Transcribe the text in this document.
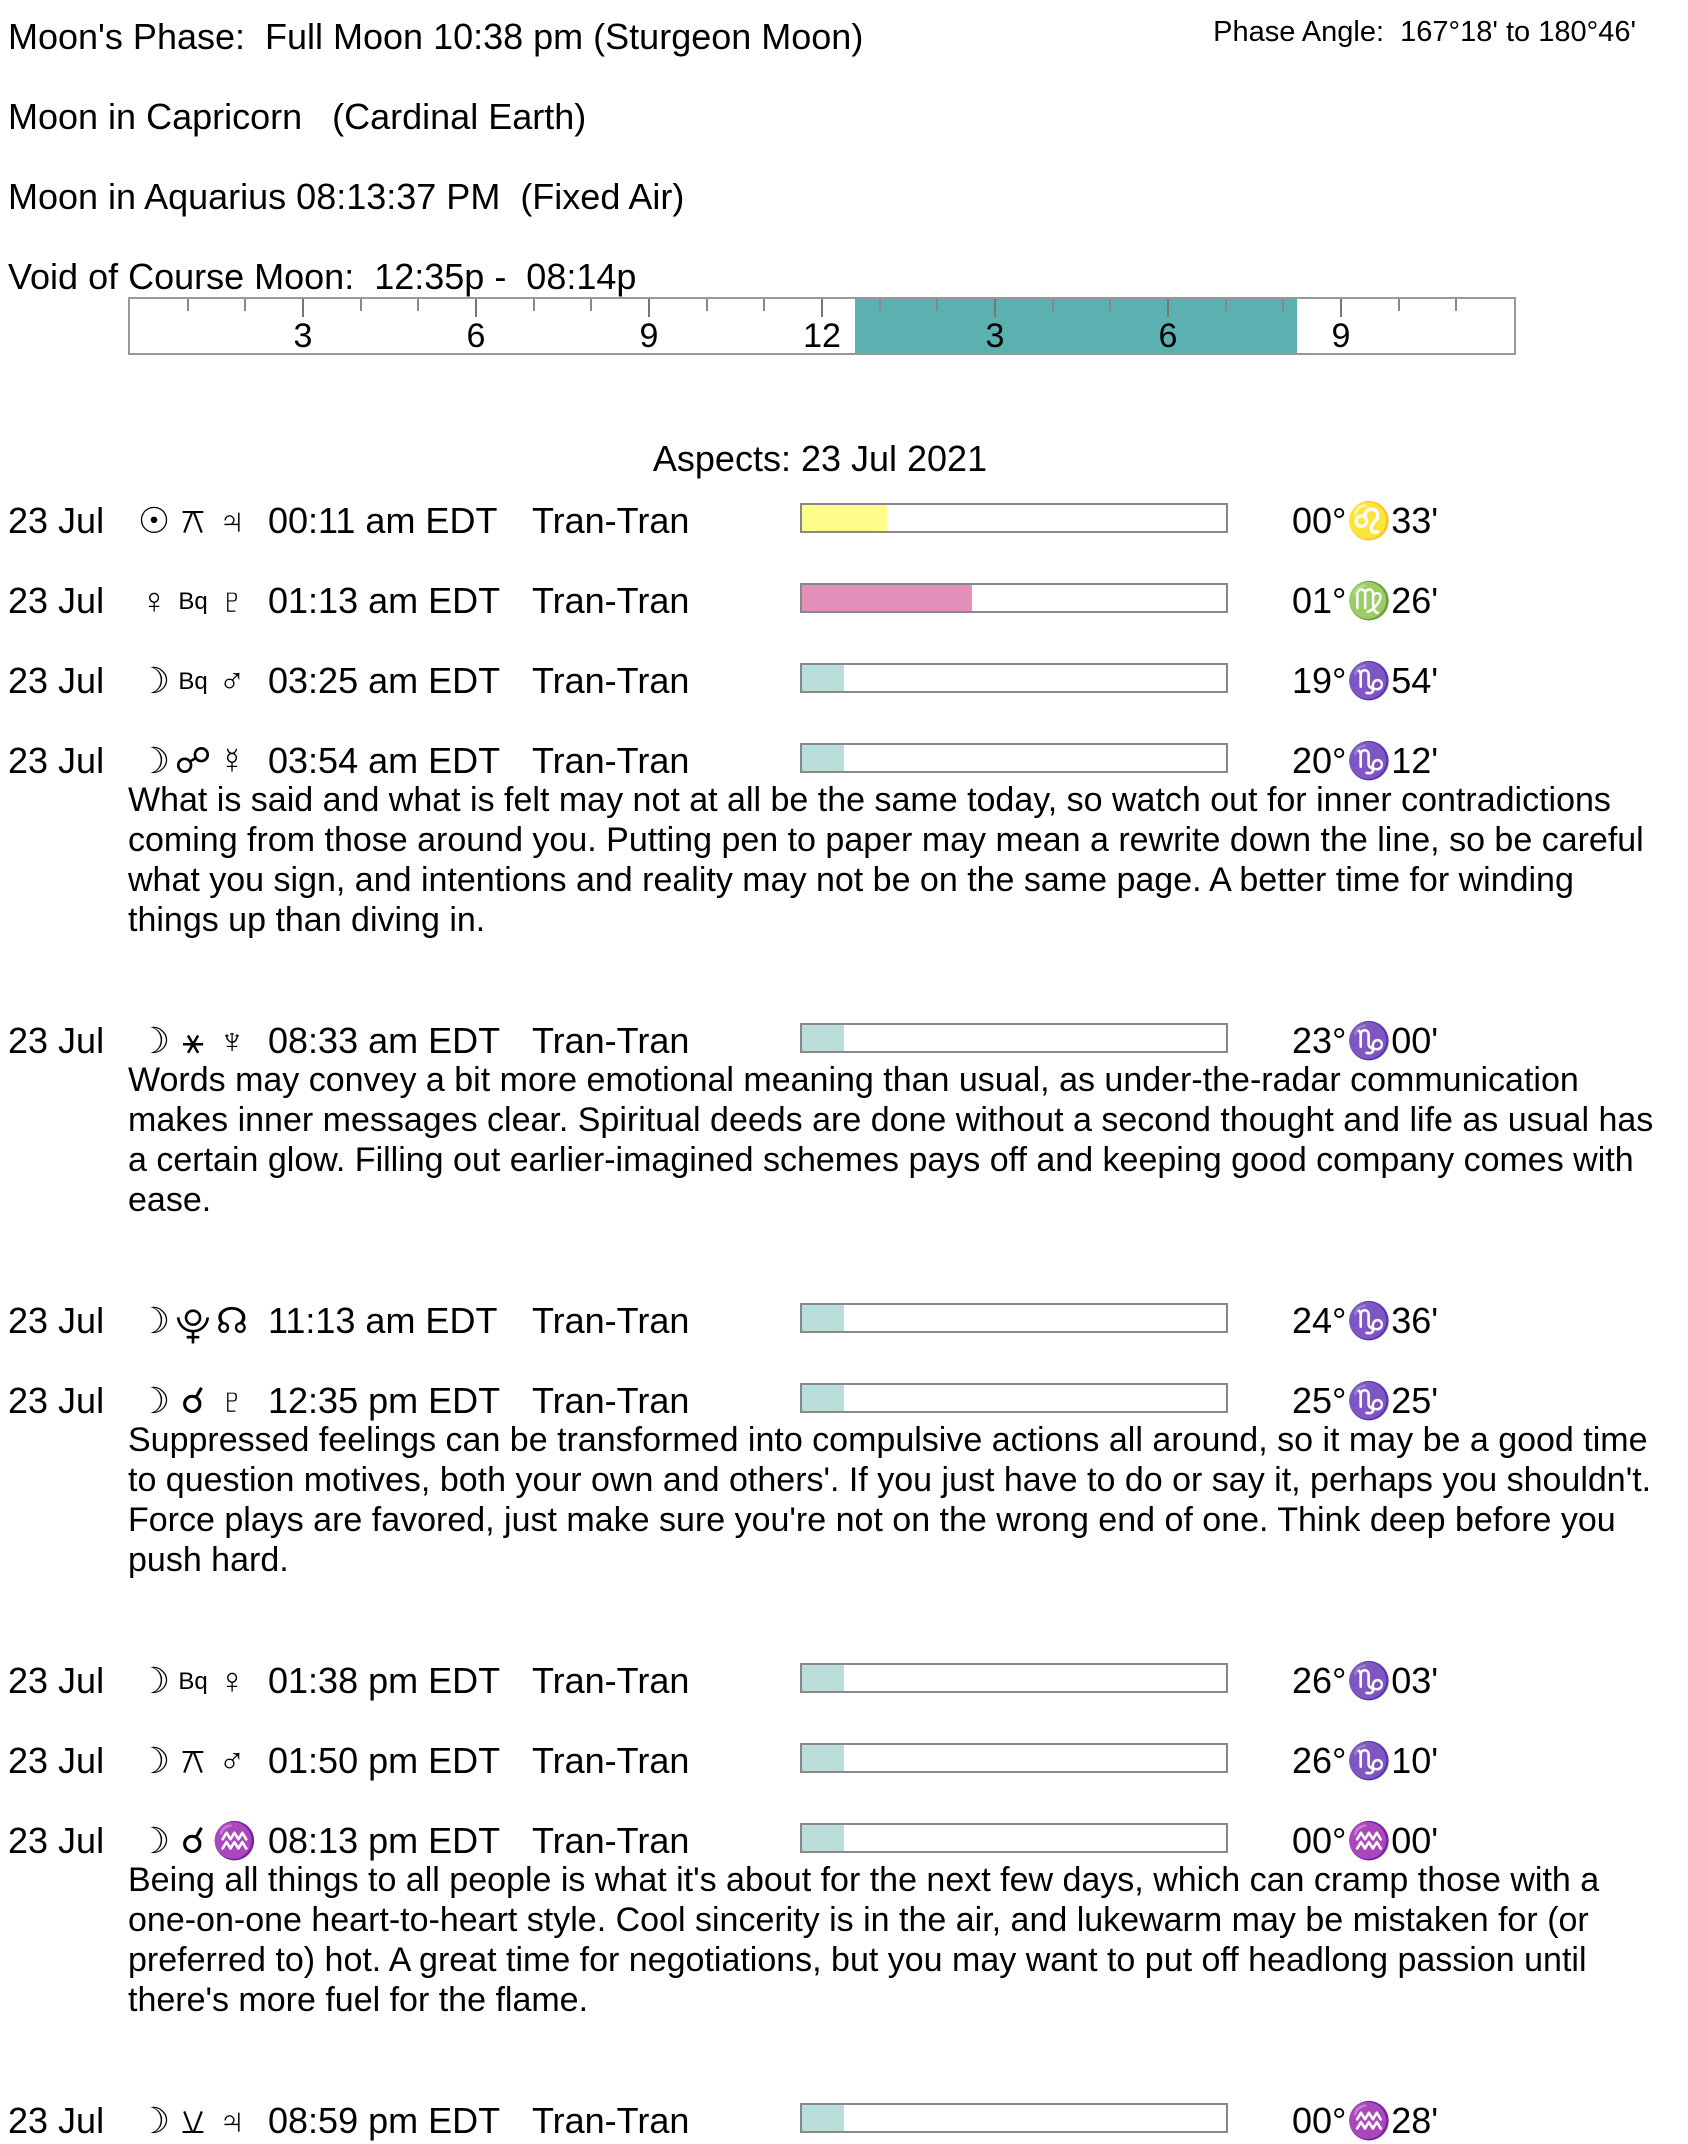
Moon's Phase:  Full Moon 10:38 pm (Sturgeon Moon)	Phase Angle:  167°18' to 180°46'
Moon in Capricorn   (Cardinal Earth)
Moon in Aquarius 08:13:37 PM  (Fixed Air)
Void of Course Moon:  12:35p -  08:14p
3	6	9	12	3	6	9
Aspects: 23 Jul 2021
23 Jul ☉ ⚻ ♃ 00:11 am EDT Tran-Tran	00°♌33'
23 Jul ♀ Bq ♇ 01:13 am EDT Tran-Tran	01°♍26'
23 Jul ☽ Bq ♂ 03:25 am EDT Tran-Tran	19°♑54'
23 Jul ☽ ☍ ☿ 03:54 am EDT Tran-Tran	20°♑12'
What is said and what is felt may not at all be the same today, so watch out for inner contradictions coming from those around you. Putting pen to paper may mean a rewrite down the line, so be careful what you sign, and intentions and reality may not be on the same page. A better time for winding things up than diving in.
23 Jul ☽ ⚹ ♆ 08:33 am EDT Tran-Tran	23°♑00'
Words may convey a bit more emotional meaning than usual, as under-the-radar communication makes inner messages clear. Spiritual deeds are done without a second thought and life as usual has a certain glow. Filling out earlier-imagined schemes pays off and keeping good company comes with ease.
23 Jul ☽ ⯓ ☊ 11:13 am EDT Tran-Tran	24°♑36'
23 Jul ☽ ☌ ♇ 12:35 pm EDT Tran-Tran	25°♑25'
Suppressed feelings can be transformed into compulsive actions all around, so it may be a good time to question motives, both your own and others'. If you just have to do or say it, perhaps you shouldn't. Force plays are favored, just make sure you're not on the wrong end of one. Think deep before you push hard.
23 Jul ☽ Bq ♀ 01:38 pm EDT Tran-Tran	26°♑03'
23 Jul ☽ ⚻ ♂ 01:50 pm EDT Tran-Tran	26°♑10'
23 Jul ☽ ☌ ♒ 08:13 pm EDT Tran-Tran	00°♒00'
Being all things to all people is what it's about for the next few days, which can cramp those with a one-on-one heart-to-heart style. Cool sincerity is in the air, and lukewarm may be mistaken for (or preferred to) hot. A great time for negotiations, but you may want to put off headlong passion until there's more fuel for the flame.
23 Jul ☽ ⚺ ♃ 08:59 pm EDT Tran-Tran	00°♒28'
